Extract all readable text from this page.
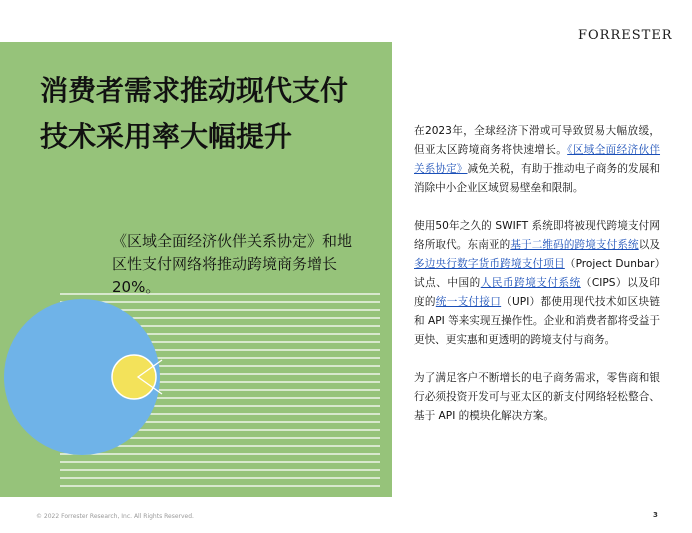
FORRESTER
消费者需求推动现代支付技术采用率大幅提升

《区域全面经济伙伴关系协定》和地区性支付网络将推动跨境商务增长20%。

在2023年，全球经济下滑或可导致贸易大幅放缓，但亚太区跨境商务将快速增长。《区域全面经济伙伴关系协定》减免关税，有助于推动电子商务的发展和消除中小企业区域贸易壁垒和限制。

使用50年之久的 SWIFT 系统即将被现代跨境支付网络所取代。东南亚的基于二维码的跨境支付系统以及多边央行数字货币跨境支付项目（Project Dunbar）试点、中国的人民币跨境支付系统（CIPS）以及印度的统一支付接口（UPI）都使用现代技术如区块链和 API 等来实现互操作性。企业和消费者都将受益于更快、更实惠和更透明的跨境支付与商务。

为了满足客户不断增长的电子商务需求，零售商和银行必须投资开发可与亚太区的新支付网络轻松整合、基于 API 的模块化解决方案。

© 2022 Forrester Research, Inc. All Rights Reserved.	3
